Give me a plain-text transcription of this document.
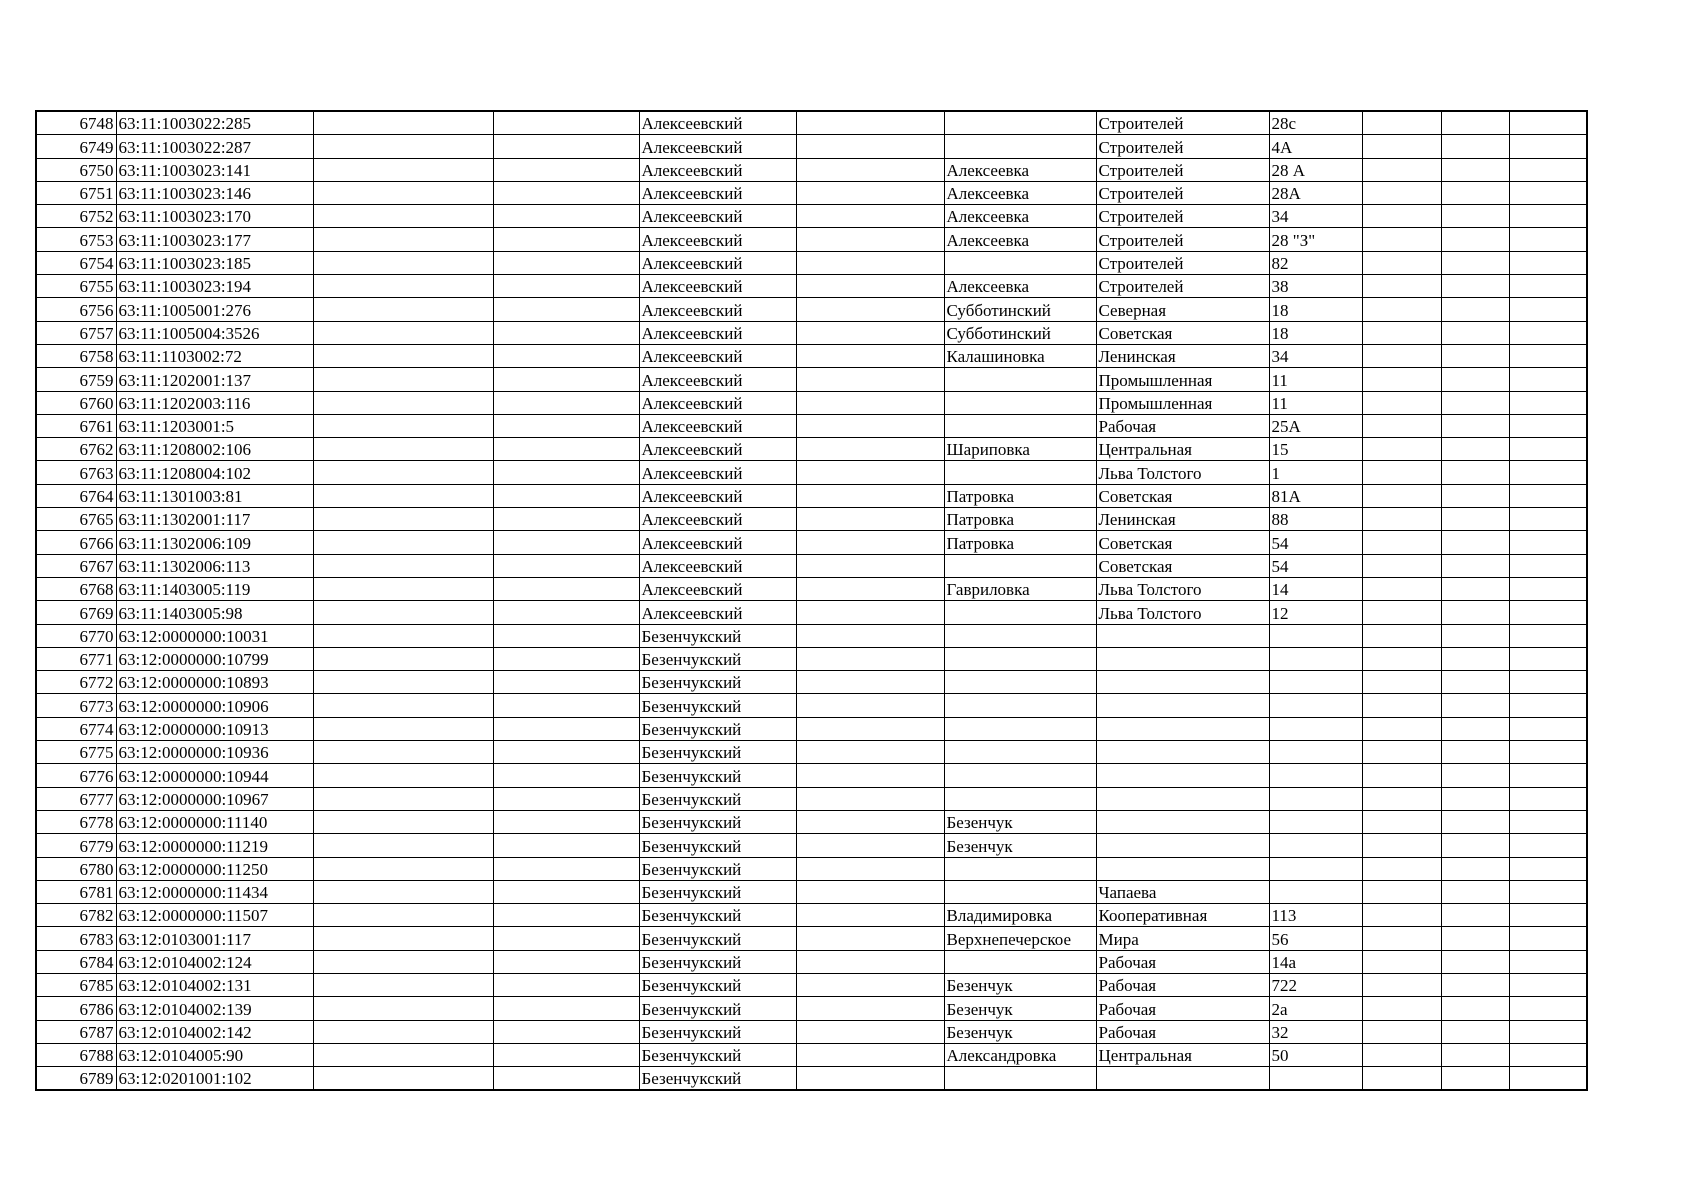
6748	63:11:1003022:285			Алексеевский			Строителей	28с			
6749	63:11:1003022:287			Алексеевский			Строителей	4А			
6750	63:11:1003023:141			Алексеевский		Алексеевка	Строителей	28 А			
6751	63:11:1003023:146			Алексеевский		Алексеевка	Строителей	28А			
6752	63:11:1003023:170			Алексеевский		Алексеевка	Строителей	34			
6753	63:11:1003023:177			Алексеевский		Алексеевка	Строителей	28 "З"			
6754	63:11:1003023:185			Алексеевский			Строителей	82			
6755	63:11:1003023:194			Алексеевский		Алексеевка	Строителей	38			
6756	63:11:1005001:276			Алексеевский		Субботинский	Северная	18			
6757	63:11:1005004:3526			Алексеевский		Субботинский	Советская	18			
6758	63:11:1103002:72			Алексеевский		Калашиновка	Ленинская	34			
6759	63:11:1202001:137			Алексеевский			Промышленная	11			
6760	63:11:1202003:116			Алексеевский			Промышленная	11			
6761	63:11:1203001:5			Алексеевский			Рабочая	25А			
6762	63:11:1208002:106			Алексеевский		Шариповка	Центральная	15			
6763	63:11:1208004:102			Алексеевский			Льва Толстого	1			
6764	63:11:1301003:81			Алексеевский		Патровка	Советская	81А			
6765	63:11:1302001:117			Алексеевский		Патровка	Ленинская	88			
6766	63:11:1302006:109			Алексеевский		Патровка	Советская	54			
6767	63:11:1302006:113			Алексеевский			Советская	54			
6768	63:11:1403005:119			Алексеевский		Гавриловка	Льва Толстого	14			
6769	63:11:1403005:98			Алексеевский			Льва Толстого	12			
6770	63:12:0000000:10031			Безенчукский							
6771	63:12:0000000:10799			Безенчукский							
6772	63:12:0000000:10893			Безенчукский							
6773	63:12:0000000:10906			Безенчукский							
6774	63:12:0000000:10913			Безенчукский							
6775	63:12:0000000:10936			Безенчукский							
6776	63:12:0000000:10944			Безенчукский							
6777	63:12:0000000:10967			Безенчукский							
6778	63:12:0000000:11140			Безенчукский		Безенчук					
6779	63:12:0000000:11219			Безенчукский		Безенчук					
6780	63:12:0000000:11250			Безенчукский							
6781	63:12:0000000:11434			Безенчукский			Чапаева				
6782	63:12:0000000:11507			Безенчукский		Владимировка	Кооперативная	113			
6783	63:12:0103001:117			Безенчукский		Верхнепечерское	Мира	56			
6784	63:12:0104002:124			Безенчукский			Рабочая	14а			
6785	63:12:0104002:131			Безенчукский		Безенчук	Рабочая	722			
6786	63:12:0104002:139			Безенчукский		Безенчук	Рабочая	2а			
6787	63:12:0104002:142			Безенчукский		Безенчук	Рабочая	32			
6788	63:12:0104005:90			Безенчукский		Александровка	Центральная	50			
6789	63:12:0201001:102			Безенчукский							
